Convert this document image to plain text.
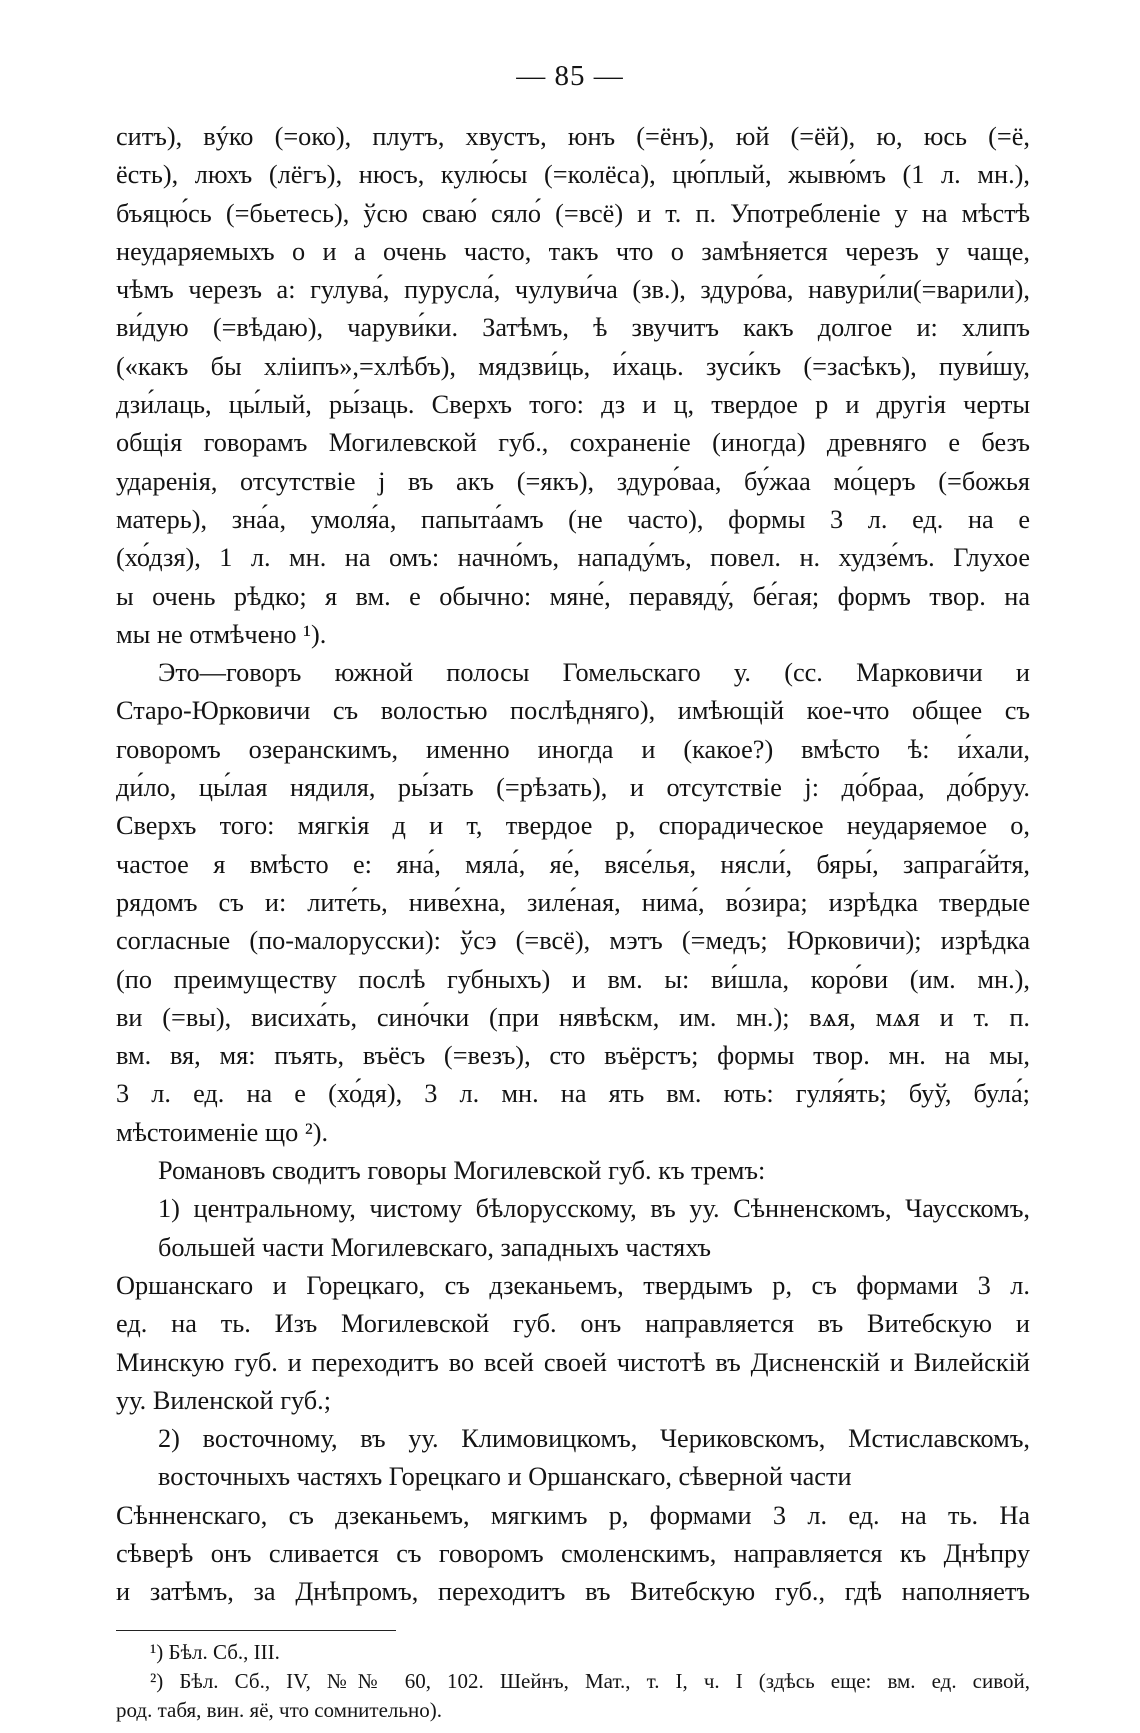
— 85 —
ситъ), вýко (=око), плутъ, хвустъ, юнъ (=ёнъ), юй (=ёй), ю, юсь (=ё,
ёсть), люхъ (лёгъ), нюсъ, кулю́сы (=колёса), цю́плый, жывю́мъ (1 л. мн.),
бъяцю́сь (=бьетесь), ўсю сваю́ сяло́ (=всё) и т. п. Употребленіе у на мѣстѣ
неударяемыхъ о и а очень часто, такъ что о замѣняется черезъ у чаще,
чѣмъ черезъ а: гулува́, пурусла́, чулуви́ча (зв.), здуро́ва, навури́ли(=варили),
ви́дую (=вѣдаю), чаруви́ки. Затѣмъ, ѣ звучитъ какъ долгое и: хлипъ
(«какъ бы хліипъ»,=хлѣбъ), мядзви́ць, и́хаць. зуси́къ (=засѣкъ), пуви́шу,
дзи́лаць, цы́лый, ры́заць. Сверхъ того: дз и ц, твердое р и другія черты
общія говорамъ Могилевской губ., сохраненіе (иногда) древняго е безъ
ударенія, отсутствіе j въ акъ (=якъ), здуро́ваа, бу́жаа мо́церъ (=божья
матерь), зна́а, умоля́а, папыта́амъ (не часто), формы 3 л. ед. на е
(хо́дзя), 1 л. мн. на омъ: начно́мъ, нападу́мъ, повел. н. худзе́мъ. Глухое
ы очень рѣдко; я вм. е обычно: мяне́, перавяду́, бе́гая; формъ твор. на
мы не отмѣчено ¹).
Это—говоръ южной полосы Гомельскаго у. (сс. Марковичи и
Старо-Юрковичи съ волостью послѣдняго), имѣющій кое-что общее съ
говоромъ озеранскимъ, именно иногда и (какое?) вмѣсто ѣ: и́хали,
ди́ло, цы́лая нядиля, ры́зать (=рѣзать), и отсутствіе j: до́браа, до́бруу.
Сверхъ того: мягкія д и т, твердое р, спорадическое неударяемое о,
частое я вмѣсто е: яна́, мяла́, яе́, вясе́лья, нясли́, бяры́, запрага́йтя,
рядомъ съ и: лите́ть, ниве́хна, зиле́ная, нима́, во́зира; изрѣдка твердые
согласные (по-малорусски): ўсэ (=всё), мэтъ (=медъ; Юрковичи); изрѣдка
(по преимуществу послѣ губныхъ) и вм. ы: ви́шла, коро́ви (им. мн.),
ви (=вы), висиха́ть, сино́чки (при нявѣскм, им. мн.); вѧя, мѧя и т. п.
вм. вя, мя: пъять, въёсъ (=везъ), сто въёрстъ; формы твор. мн. на мы,
3 л. ед. на е (хо́дя), 3 л. мн. на ять вм. ють: гуля́ять; буў, була́;
мѣстоименіе що ²).
Романовъ сводитъ говоры Могилевской губ. къ тремъ:
1) центральному, чистому бѣлорусскому, въ уу. Сѣнненскомъ, Чаусскомъ, большей части Могилевскаго, западныхъ частяхъ
Оршанскаго и Горецкаго, съ дзеканьемъ, твердымъ р, съ формами 3 л.
ед. на ть. Изъ Могилевской губ. онъ направляется въ Витебскую и
Минскую губ. и переходитъ во всей своей чистотѣ въ Дисненскій и Вилейскій уу. Виленской губ.;
2) восточному, въ уу. Климовицкомъ, Чериковскомъ, Мстиславскомъ, восточныхъ частяхъ Горецкаго и Оршанскаго, сѣверной части
Сѣнненскаго, съ дзеканьемъ, мягкимъ р, формами 3 л. ед. на ть. На
сѣверѣ онъ сливается съ говоромъ смоленскимъ, направляется къ Днѣпру
и затѣмъ, за Днѣпромъ, переходитъ въ Витебскую губ., гдѣ наполняетъ
¹) Бѣл. Сб., III.
²) Бѣл. Сб., IV, №№ 60, 102. Шейнъ, Мат., т. I, ч. I (здѣсь еще: вм. ед. сивой,
род. табя, вин. яё, что сомнительно).
